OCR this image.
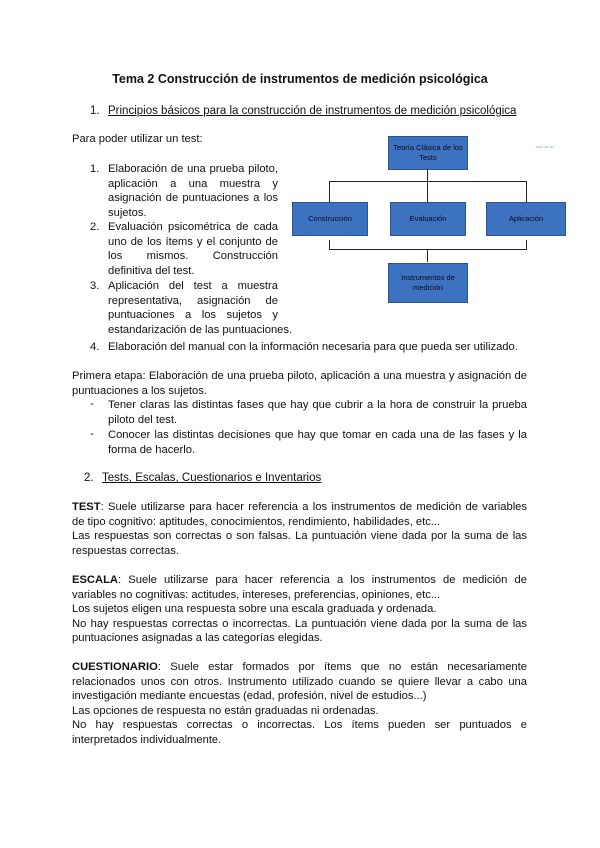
Tema 2 Construcción de instrumentos de medición psicológica
1. Principios básicos para la construcción de instrumentos de medición psicológica
Para poder utilizar un test:
1. Elaboración de una prueba piloto,
aplicación a una muestra y
asignación de puntuaciones a los
sujetos.
2. Evaluación psicométrica de cada
uno de los ítems y el conjunto de
los mismos. Construcción
definitiva del test.
3. Aplicación del test a muestra
representativa, asignación de
puntuaciones a los sujetos y
estandarización de las puntuaciones.
4. Elaboración del manual con la información necesaria para que pueda ser utilizado.
Teoría Clásica de los Tests
••••• ••• •••
Construcción	Evaluación	Aplicación
Instrumentos de medición
Primera etapa: Elaboración de una prueba piloto, aplicación a una muestra y asignación de puntuaciones a los sujetos.
- Tener claras las distintas fases que hay que cubrir a la hora de construir la prueba piloto del test.
- Conocer las distintas decisiones que hay que tomar en cada una de las fases y la forma de hacerlo.
2. Tests, Escalas, Cuestionarios e Inventarios
TEST: Suele utilizarse para hacer referencia a los instrumentos de medición de variables de tipo cognitivo: aptitudes, conocimientos, rendimiento, habilidades, etc...
Las respuestas son correctas o son falsas. La puntuación viene dada por la suma de las respuestas correctas.
ESCALA: Suele utilizarse para hacer referencia a los instrumentos de medición de variables no cognitivas: actitudes, intereses, preferencias, opiniones, etc...
Los sujetos eligen una respuesta sobre una escala graduada y ordenada.
No hay respuestas correctas o incorrectas. La puntuación viene dada por la suma de las puntuaciones asignadas a las categorías elegidas.
CUESTIONARIO: Suele estar formados por ítems que no están necesariamente relacionados unos con otros. Instrumento utilizado cuando se quiere llevar a cabo una investigación mediante encuestas (edad, profesión, nivel de estudios...)
Las opciones de respuesta no están graduadas ni ordenadas.
No hay respuestas correctas o incorrectas. Los ítems pueden ser puntuados e interpretados individualmente.
